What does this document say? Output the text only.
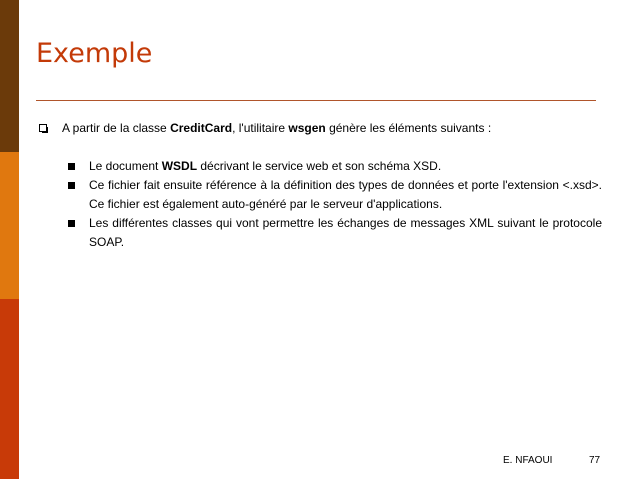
Exemple
A partir de la classe CreditCard, l'utilitaire wsgen génère les éléments suivants :
Le document WSDL décrivant le service web et son schéma XSD.
Ce fichier fait ensuite référence à la définition des types de données et porte l'extension <.xsd>. Ce fichier est également auto-généré par le serveur d'applications.
Les différentes classes qui vont permettre les échanges de messages XML suivant le protocole SOAP.
E. NFAOUI	77
